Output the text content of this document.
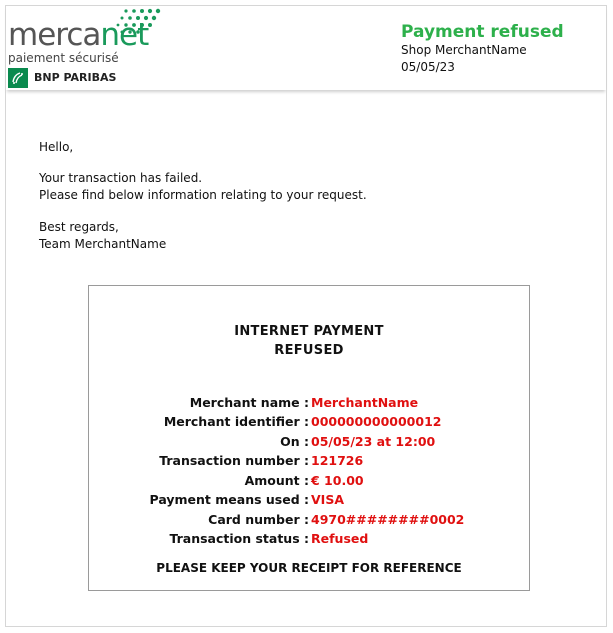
mercanet
paiement sécurisé
BNP PARIBAS
Payment refused
Shop MerchantName
05/05/23
Hello,
Your transaction has failed.
Please find below information relating to your request.
Best regards,
Team MerchantName
INTERNET PAYMENT
REFUSED
Merchant name : MerchantName
Merchant identifier : 000000000000012
On : 05/05/23 at 12:00
Transaction number : 121726
Amount : € 10.00
Payment means used : VISA
Card number : 4970########0002
Transaction status : Refused
PLEASE KEEP YOUR RECEIPT FOR REFERENCE
